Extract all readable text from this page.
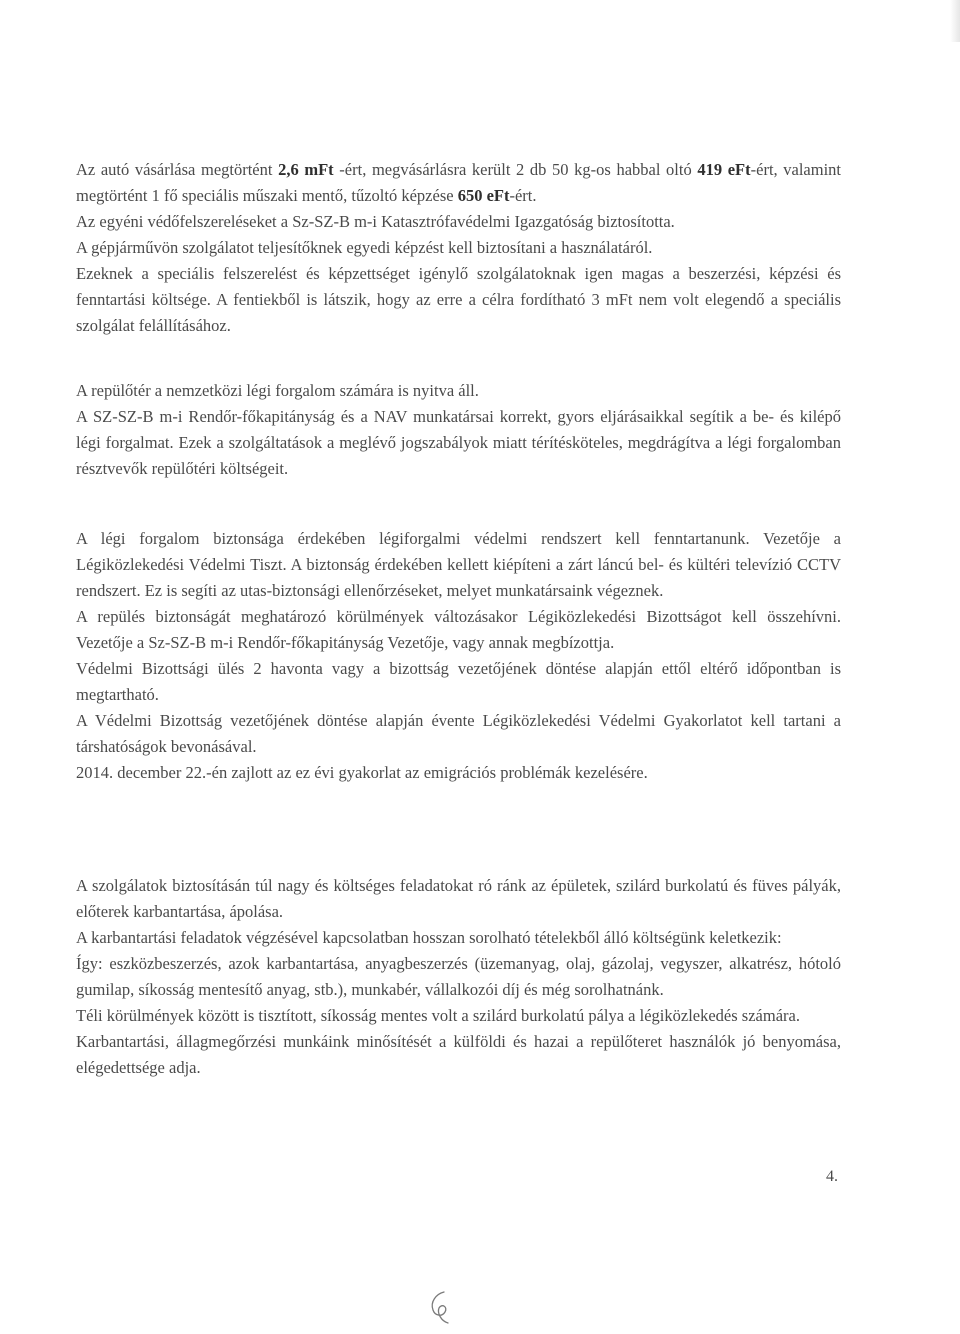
Az autó vásárlása megtörtént 2,6 mFt -ért, megvásárlásra került 2 db 50 kg-os habbal oltó 419 eFt-ért, valamint megtörtént 1 fő speciális műszaki mentő, tűzoltó képzése 650 eFt-ért.

Az egyéni védőfelszereléseket a Sz-SZ-B m-i Katasztrófavédelmi Igazgatóság biztosította.

A gépjárművön szolgálatot teljesítőknek egyedi képzést kell biztosítani a használatáról.

Ezeknek a speciális felszerelést és képzettséget igénylő szolgálatoknak igen magas a beszerzési, képzési és fenntartási költsége. A fentiekből is látszik, hogy az erre a célra fordítható 3 mFt nem volt elegendő a speciális szolgálat felállításához.

A repülőtér a nemzetközi légi forgalom számára is nyitva áll.

A SZ-SZ-B m-i Rendőr-főkapitányság és a NAV munkatársai korrekt, gyors eljárásaikkal segítik a be- és kilépő légi forgalmat. Ezek a szolgáltatások a meglévő jogszabályok miatt térítésköteles, megdrágítva a légi forgalomban résztvevők repülőtéri költségeit.

A légi forgalom biztonsága érdekében légiforgalmi védelmi rendszert kell fenntartanunk. Vezetője a Légiközlekedési Védelmi Tiszt. A biztonság érdekében kellett kiépíteni a zárt láncú bel- és kültéri televízió CCTV rendszert. Ez is segíti az utas-biztonsági ellenőrzéseket, melyet munkatársaink végeznek.

A repülés biztonságát meghatározó körülmények változásakor Légiközlekedési Bizottságot kell összehívni. Vezetője a Sz-SZ-B m-i Rendőr-főkapitányság Vezetője, vagy annak megbízottja.

Védelmi Bizottsági ülés 2 havonta vagy a bizottság vezetőjének döntése alapján ettől eltérő időpontban is megtartható.

A Védelmi Bizottság vezetőjének döntése alapján évente Légiközlekedési Védelmi Gyakorlatot kell tartani a társhatóságok bevonásával.

2014. december 22.-én zajlott az ez évi gyakorlat az emigrációs problémák kezelésére.

A szolgálatok biztosításán túl nagy és költséges feladatokat ró ránk az épületek, szilárd burkolatú és füves pályák, előterek karbantartása, ápolása.

A karbantartási feladatok végzésével kapcsolatban hosszan sorolható tételekből álló költségünk keletkezik:

Így: eszközbeszerzés, azok karbantartása, anyagbeszerzés (üzemanyag, olaj, gázolaj, vegyszer, alkatrész, hótoló gumilap, síkosság mentesítő anyag, stb.), munkabér, vállalkozói díj és még sorolhatnánk.

Téli körülmények között is tisztított, síkosság mentes volt a szilárd burkolatú pálya a légiközlekedés számára.

Karbantartási, állagmegőrzési munkáink minősítését a külföldi és hazai a repülőteret használók jó benyomása, elégedettsége adja.

4.
